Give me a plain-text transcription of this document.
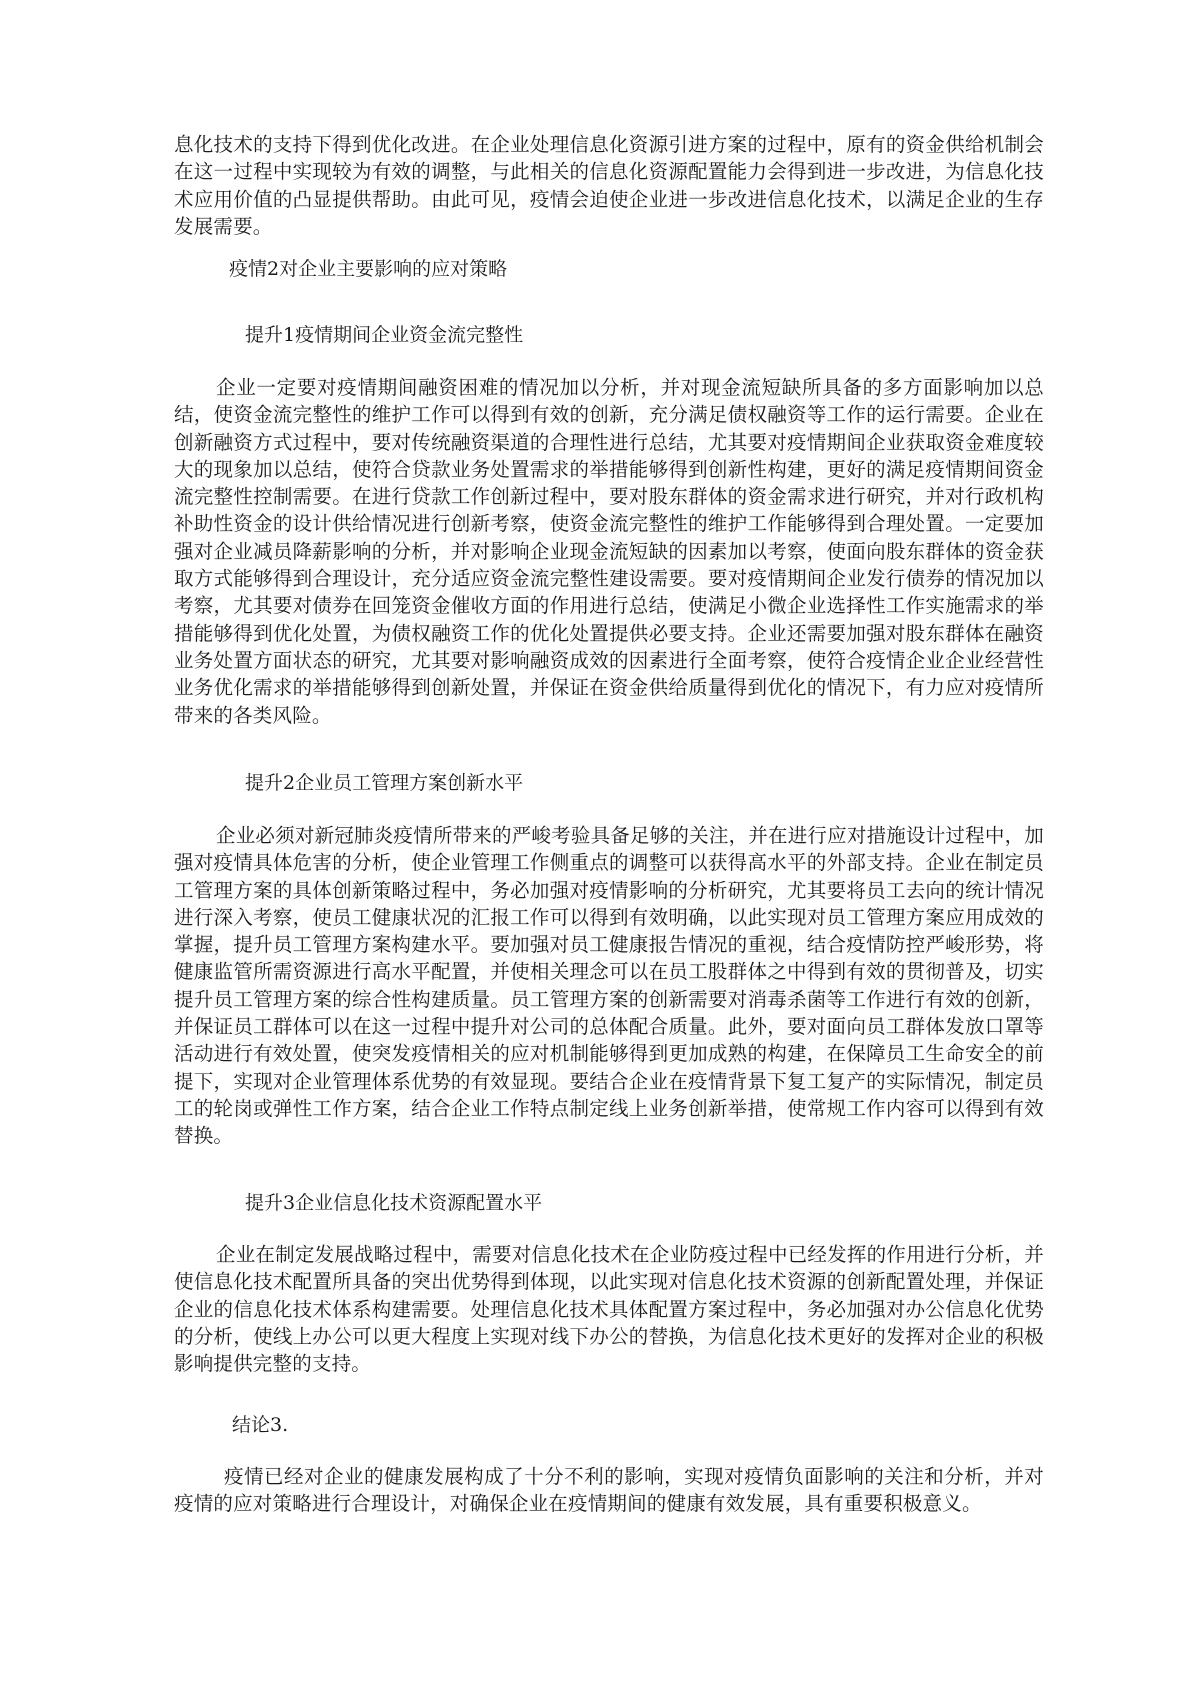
息化技术的支持下得到优化改进。在企业处理信息化资源引进方案的过程中，原有的资金供给机制会在这一过程中实现较为有效的调整，与此相关的信息化资源配置能力会得到进一步改进，为信息化技术应用价值的凸显提供帮助。由此可见，疫情会迫使企业进一步改进信息化技术，以满足企业的生存发展需要。

疫情2对企业主要影响的应对策略
提升1疫情期间企业资金流完整性

企业一定要对疫情期间融资困难的情况加以分析，并对现金流短缺所具备的多方面影响加以总结，使资金流完整性的维护工作可以得到有效的创新，充分满足债权融资等工作的运行需要。企业在创新融资方式过程中，要对传统融资渠道的合理性进行总结，尤其要对疫情期间企业获取资金难度较大的现象加以总结，使符合贷款业务处置需求的举措能够得到创新性构建，更好的满足疫情期间资金流完整性控制需要。在进行贷款工作创新过程中，要对股东群体的资金需求进行研究，并对行政机构补助性资金的设计供给情况进行创新考察，使资金流完整性的维护工作能够得到合理处置。一定要加强对企业减员降薪影响的分析，并对影响企业现金流短缺的因素加以考察，使面向股东群体的资金获取方式能够得到合理设计，充分适应资金流完整性建设需要。要对疫情期间企业发行债券的情况加以考察，尤其要对债券在回笼资金催收方面的作用进行总结，使满足小微企业选择性工作实施需求的举措能够得到优化处置，为债权融资工作的优化处置提供必要支持。企业还需要加强对股东群体在融资业务处置方面状态的研究，尤其要对影响融资成效的因素进行全面考察，使符合疫情企业企业经营性业务优化需求的举措能够得到创新处置，并保证在资金供给质量得到优化的情况下，有力应对疫情所带来的各类风险。

提升2企业员工管理方案创新水平

企业必须对新冠肺炎疫情所带来的严峻考验具备足够的关注，并在进行应对措施设计过程中，加强对疫情具体危害的分析，使企业管理工作侧重点的调整可以获得高水平的外部支持。企业在制定员工管理方案的具体创新策略过程中，务必加强对疫情影响的分析研究，尤其要将员工去向的统计情况进行深入考察，使员工健康状况的汇报工作可以得到有效明确，以此实现对员工管理方案应用成效的掌握，提升员工管理方案构建水平。要加强对员工健康报告情况的重视，结合疫情防控严峻形势，将健康监管所需资源进行高水平配置，并使相关理念可以在员工股群体之中得到有效的贯彻普及，切实提升员工管理方案的综合性构建质量。员工管理方案的创新需要对消毒杀菌等工作进行有效的创新，并保证员工群体可以在这一过程中提升对公司的总体配合质量。此外，要对面向员工群体发放口罩等活动进行有效处置，使突发疫情相关的应对机制能够得到更加成熟的构建，在保障员工生命安全的前提下，实现对企业管理体系优势的有效显现。要结合企业在疫情背景下复工复产的实际情况，制定员工的轮岗或弹性工作方案，结合企业工作特点制定线上业务创新举措，使常规工作内容可以得到有效替换。

提升3企业信息化技术资源配置水平

企业在制定发展战略过程中，需要对信息化技术在企业防疫过程中已经发挥的作用进行分析，并使信息化技术配置所具备的突出优势得到体现，以此实现对信息化技术资源的创新配置处理，并保证企业的信息化技术体系构建需要。处理信息化技术具体配置方案过程中，务必加强对办公信息化优势的分析，使线上办公可以更大程度上实现对线下办公的替换，为信息化技术更好的发挥对企业的积极影响提供完整的支持。

结论3.

疫情已经对企业的健康发展构成了十分不利的影响，实现对疫情负面影响的关注和分析，并对疫情的应对策略进行合理设计，对确保企业在疫情期间的健康有效发展，具有重要积极意义。
